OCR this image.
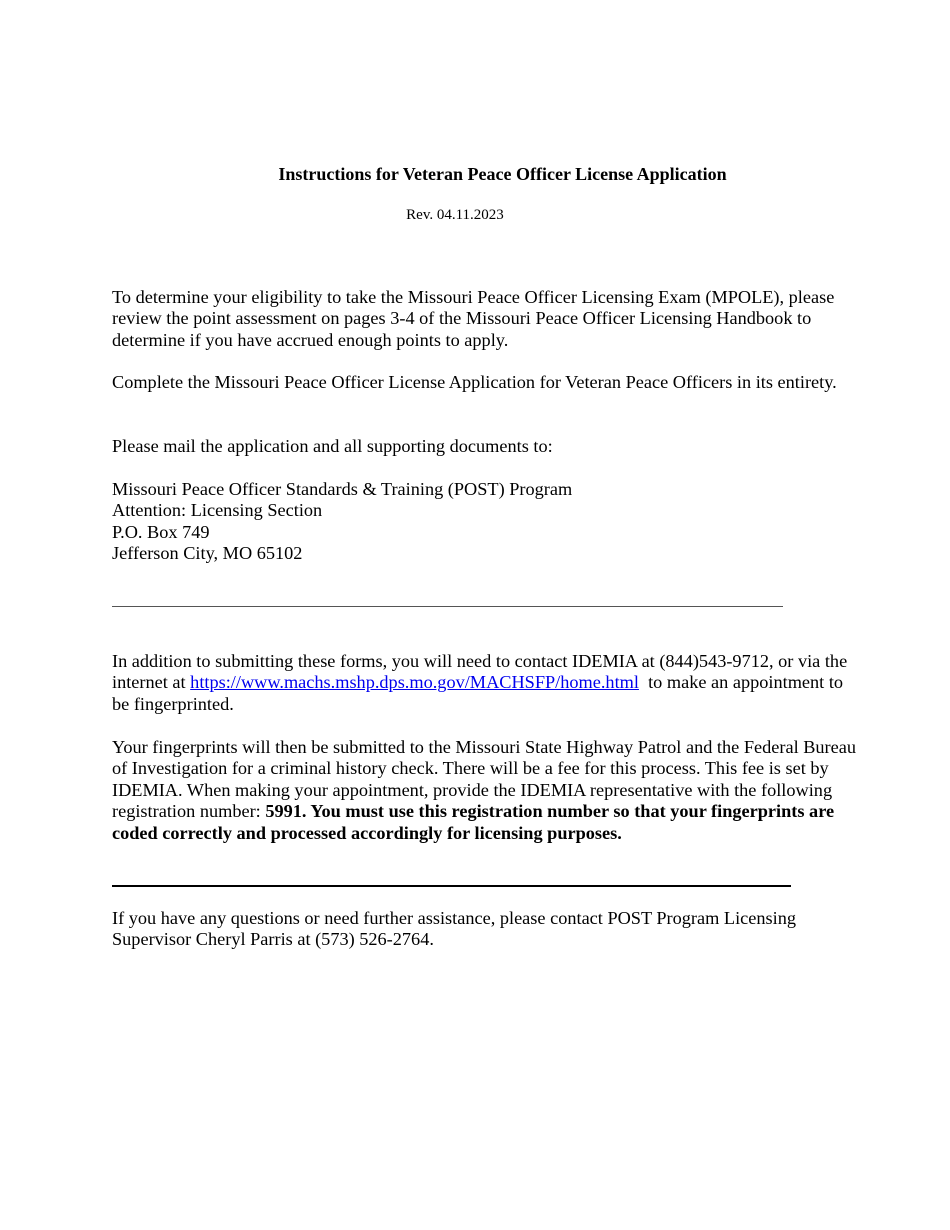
Instructions for Veteran Peace Officer License Application
Rev. 04.11.2023

To determine your eligibility to take the Missouri Peace Officer Licensing Exam (MPOLE), please review the point assessment on pages 3-4 of the Missouri Peace Officer Licensing Handbook to determine if you have accrued enough points to apply.

Complete the Missouri Peace Officer License Application for Veteran Peace Officers in its entirety.

Please mail the application and all supporting documents to:

Missouri Peace Officer Standards & Training (POST) Program
Attention: Licensing Section
P.O. Box 749
Jefferson City, MO 65102

In addition to submitting these forms, you will need to contact IDEMIA at (844)543-9712, or via the internet at https://www.machs.mshp.dps.mo.gov/MACHSFP/home.html  to make an appointment to be fingerprinted.

Your fingerprints will then be submitted to the Missouri State Highway Patrol and the Federal Bureau of Investigation for a criminal history check. There will be a fee for this process. This fee is set by IDEMIA. When making your appointment, provide the IDEMIA representative with the following registration number: 5991. You must use this registration number so that your fingerprints are coded correctly and processed accordingly for licensing purposes.

If you have any questions or need further assistance, please contact POST Program Licensing Supervisor Cheryl Parris at (573) 526-2764.
